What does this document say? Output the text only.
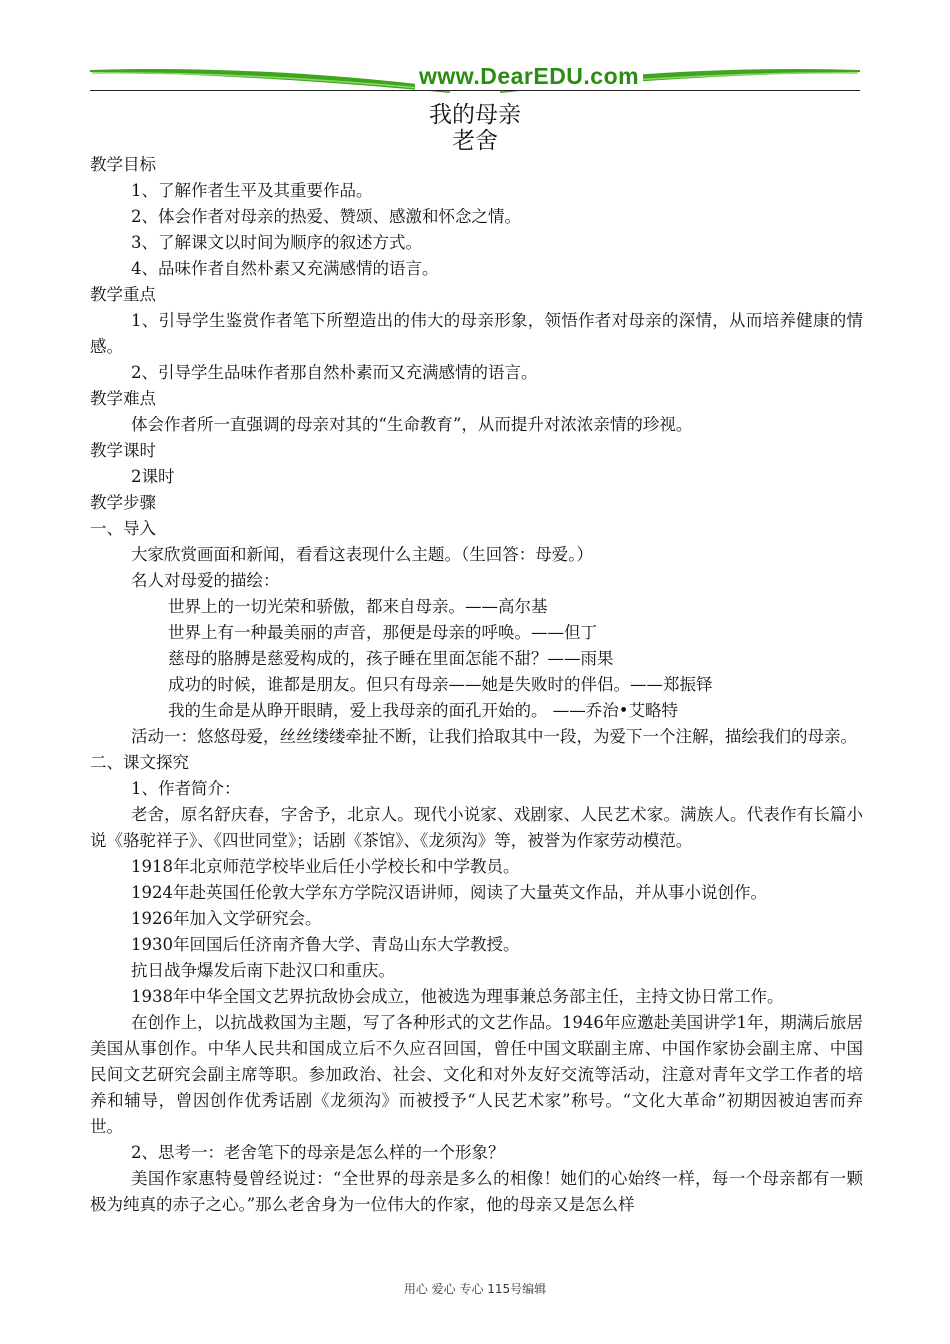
www.DearEDU.com
我的母亲
老舍

教学目标

1、了解作者生平及其重要作品。

2、体会作者对母亲的热爱、赞颂、感激和怀念之情。

3、了解课文以时间为顺序的叙述方式。

4、品味作者自然朴素又充满感情的语言。

教学重点

1、引导学生鉴赏作者笔下所塑造出的伟大的母亲形象，领悟作者对母亲的深情，从而培养健康的情感。

2、引导学生品味作者那自然朴素而又充满感情的语言。

教学难点

体会作者所一直强调的母亲对其的“生命教育”，从而提升对浓浓亲情的珍视。

教学课时

2课时

教学步骤

一、导入

大家欣赏画面和新闻，看看这表现什么主题。（生回答：母爱。）

名人对母爱的描绘：

世界上的一切光荣和骄傲，都来自母亲。——高尔基

世界上有一种最美丽的声音，那便是母亲的呼唤。——但丁

慈母的胳膊是慈爱构成的，孩子睡在里面怎能不甜？——雨果

成功的时候，谁都是朋友。但只有母亲——她是失败时的伴侣。——郑振铎

我的生命是从睁开眼睛，爱上我母亲的面孔开始的。 ——乔治•艾略特

活动一：悠悠母爱，丝丝缕缕牵扯不断，让我们拾取其中一段，为爱下一个注解，描绘我们的母亲。

二、课文探究

1、作者简介：

老舍，原名舒庆春，字舍予，北京人。现代小说家、戏剧家、人民艺术家。满族人。代表作有长篇小说《骆驼祥子》、《四世同堂》；话剧《茶馆》、《龙须沟》等，被誉为作家劳动模范。

1918年北京师范学校毕业后任小学校长和中学教员。

1924年赴英国任伦敦大学东方学院汉语讲师，阅读了大量英文作品，并从事小说创作。

1926年加入文学研究会。

1930年回国后任济南齐鲁大学、青岛山东大学教授。

抗日战争爆发后南下赴汉口和重庆。

1938年中华全国文艺界抗敌协会成立，他被选为理事兼总务部主任，主持文协日常工作。

在创作上，以抗战救国为主题，写了各种形式的文艺作品。1946年应邀赴美国讲学1年，期满后旅居美国从事创作。中华人民共和国成立后不久应召回国，曾任中国文联副主席、中国作家协会副主席、中国民间文艺研究会副主席等职。参加政治、社会、文化和对外友好交流等活动，注意对青年文学工作者的培养和辅导，曾因创作优秀话剧《龙须沟》而被授予“人民艺术家”称号。“文化大革命”初期因被迫害而弃世。

2、思考一：老舍笔下的母亲是怎么样的一个形象？

美国作家惠特曼曾经说过：“全世界的母亲是多么的相像！她们的心始终一样，每一个母亲都有一颗极为纯真的赤子之心。”那么老舍身为一位伟大的作家，他的母亲又是怎么样

用心 爱心 专心 115号编辑
